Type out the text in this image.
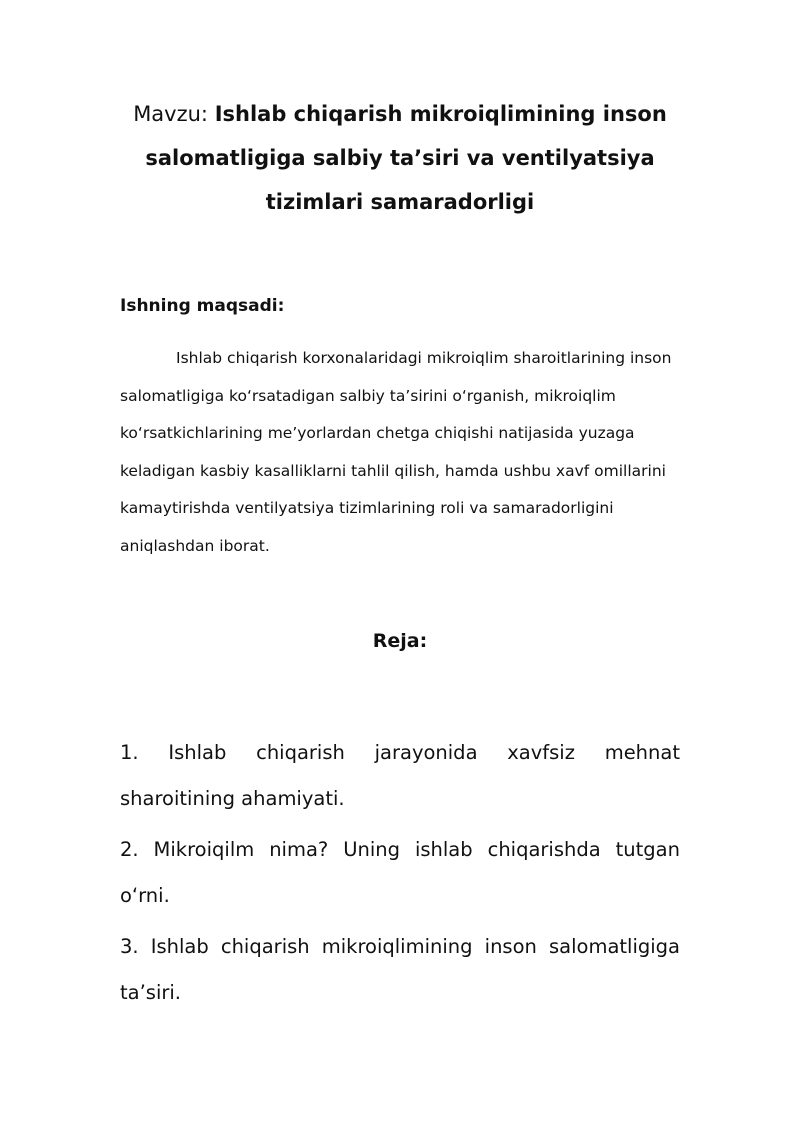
Mavzu: Ishlab chiqarish mikroiqlimining inson salomatligiga salbiy ta’siri va ventilyatsiya tizimlari samaradorligi
Ishning maqsadi:

Ishlab chiqarish korxonalaridagi mikroiqlim sharoitlarining inson salomatligiga ko‘rsatadigan salbiy ta’sirini o‘rganish, mikroiqlim ko‘rsatkichlarining me’yorlardan chetga chiqishi natijasida yuzaga keladigan kasbiy kasalliklarni tahlil qilish, hamda ushbu xavf omillarini kamaytirishda ventilyatsiya tizimlarining roli va samaradorligini aniqlashdan iborat.

Reja:
1. Ishlab chiqarish jarayonida xavfsiz mehnat sharoitining ahamiyati.
2. Mikroiqilm nima? Uning ishlab chiqarishda tutgan o‘rni.
3. Ishlab chiqarish mikroiqlimining inson salomatligiga ta’siri.
